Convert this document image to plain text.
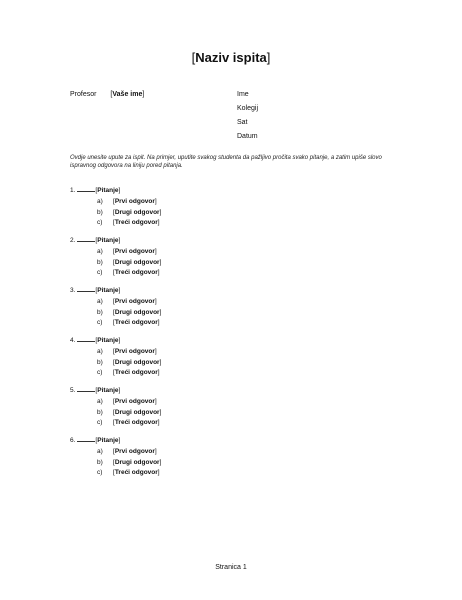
[Naziv ispita]
Profesor [Vaše ime]	Ime
Kolegij
Sat
Datum
Ovdje unesite upute za ispit. Na primjer, uputite svakog studenta da pažljivo pročita svako pitanje, a zatim upiše slovo ispravnog odgovora na liniju pored pitanja.
1.	[Pitanje]
a) [Prvi odgovor]
b) [Drugi odgovor]
c) [Treći odgovor]
2.	[Pitanje]
a) [Prvi odgovor]
b) [Drugi odgovor]
c) [Treći odgovor]
3.	[Pitanje]
a) [Prvi odgovor]
b) [Drugi odgovor]
c) [Treći odgovor]
4.	[Pitanje]
a) [Prvi odgovor]
b) [Drugi odgovor]
c) [Treći odgovor]
5.	[Pitanje]
a) [Prvi odgovor]
b) [Drugi odgovor]
c) [Treći odgovor]
6.	[Pitanje]
a) [Prvi odgovor]
b) [Drugi odgovor]
c) [Treći odgovor]
Stranica 1
